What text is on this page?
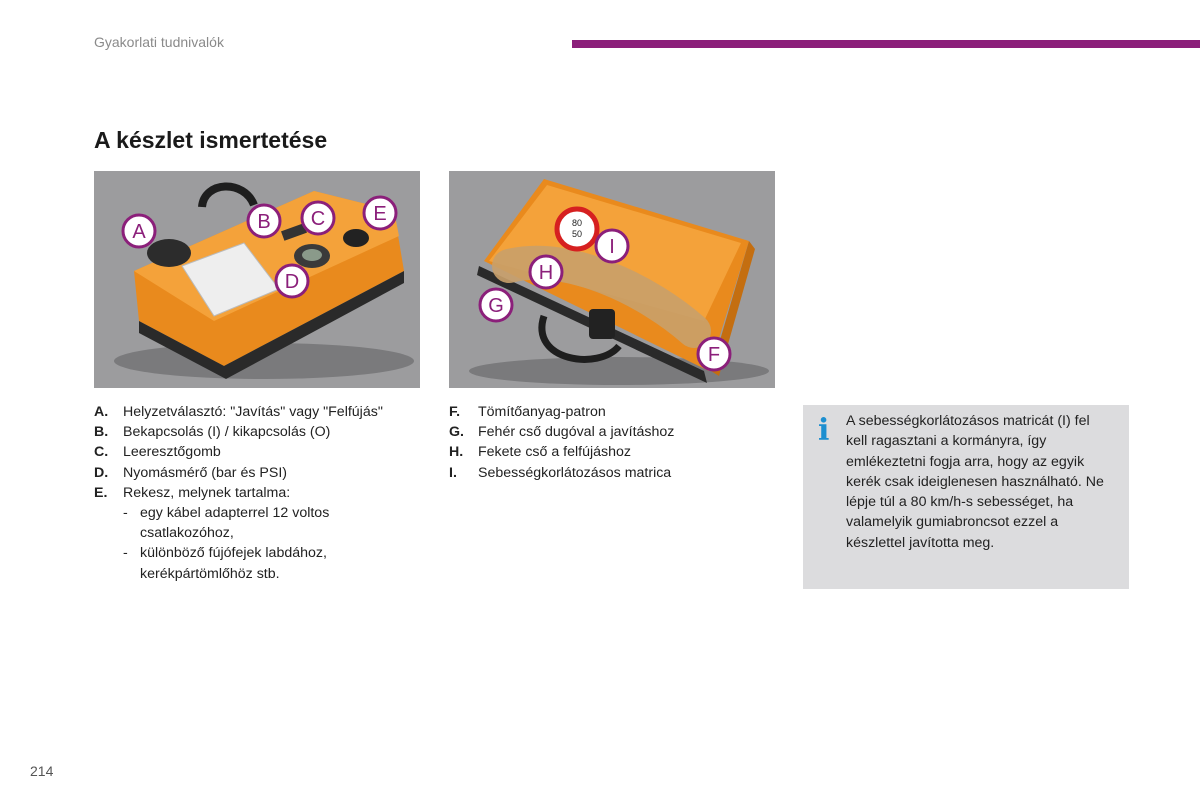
Gyakorlati tudnivalók
A készlet ismertetése
A	B C
D
E	80
50
I
H
G
F
A.	Helyzetválasztó: "Javítás" vagy "Felfújás"
B.	Bekapcsolás (I) / kikapcsolás (O)
C.	Leeresztőgomb
D.	Nyomásmérő (bar és PSI)
E.	Rekesz, melynek tartalma:
- egy kábel adapterrel 12 voltos csatlakozóhoz,
- különböző fújófejek labdához, kerékpártömlőhöz stb.
F.	Tömítőanyag-patron
G. Fehér cső dugóval a javításhoz
H.	Fekete cső a felfújáshoz
I.	Sebességkorlátozásos matrica
i A sebességkorlátozásos matricát (I) fel kell ragasztani a kormányra, így emlékeztetni fogja arra, hogy az egyik kerék csak ideiglenesen használható. Ne lépje túl a 80 km/h-s sebességet, ha valamelyik gumiabroncsot ezzel a készlettel javította meg.
214
